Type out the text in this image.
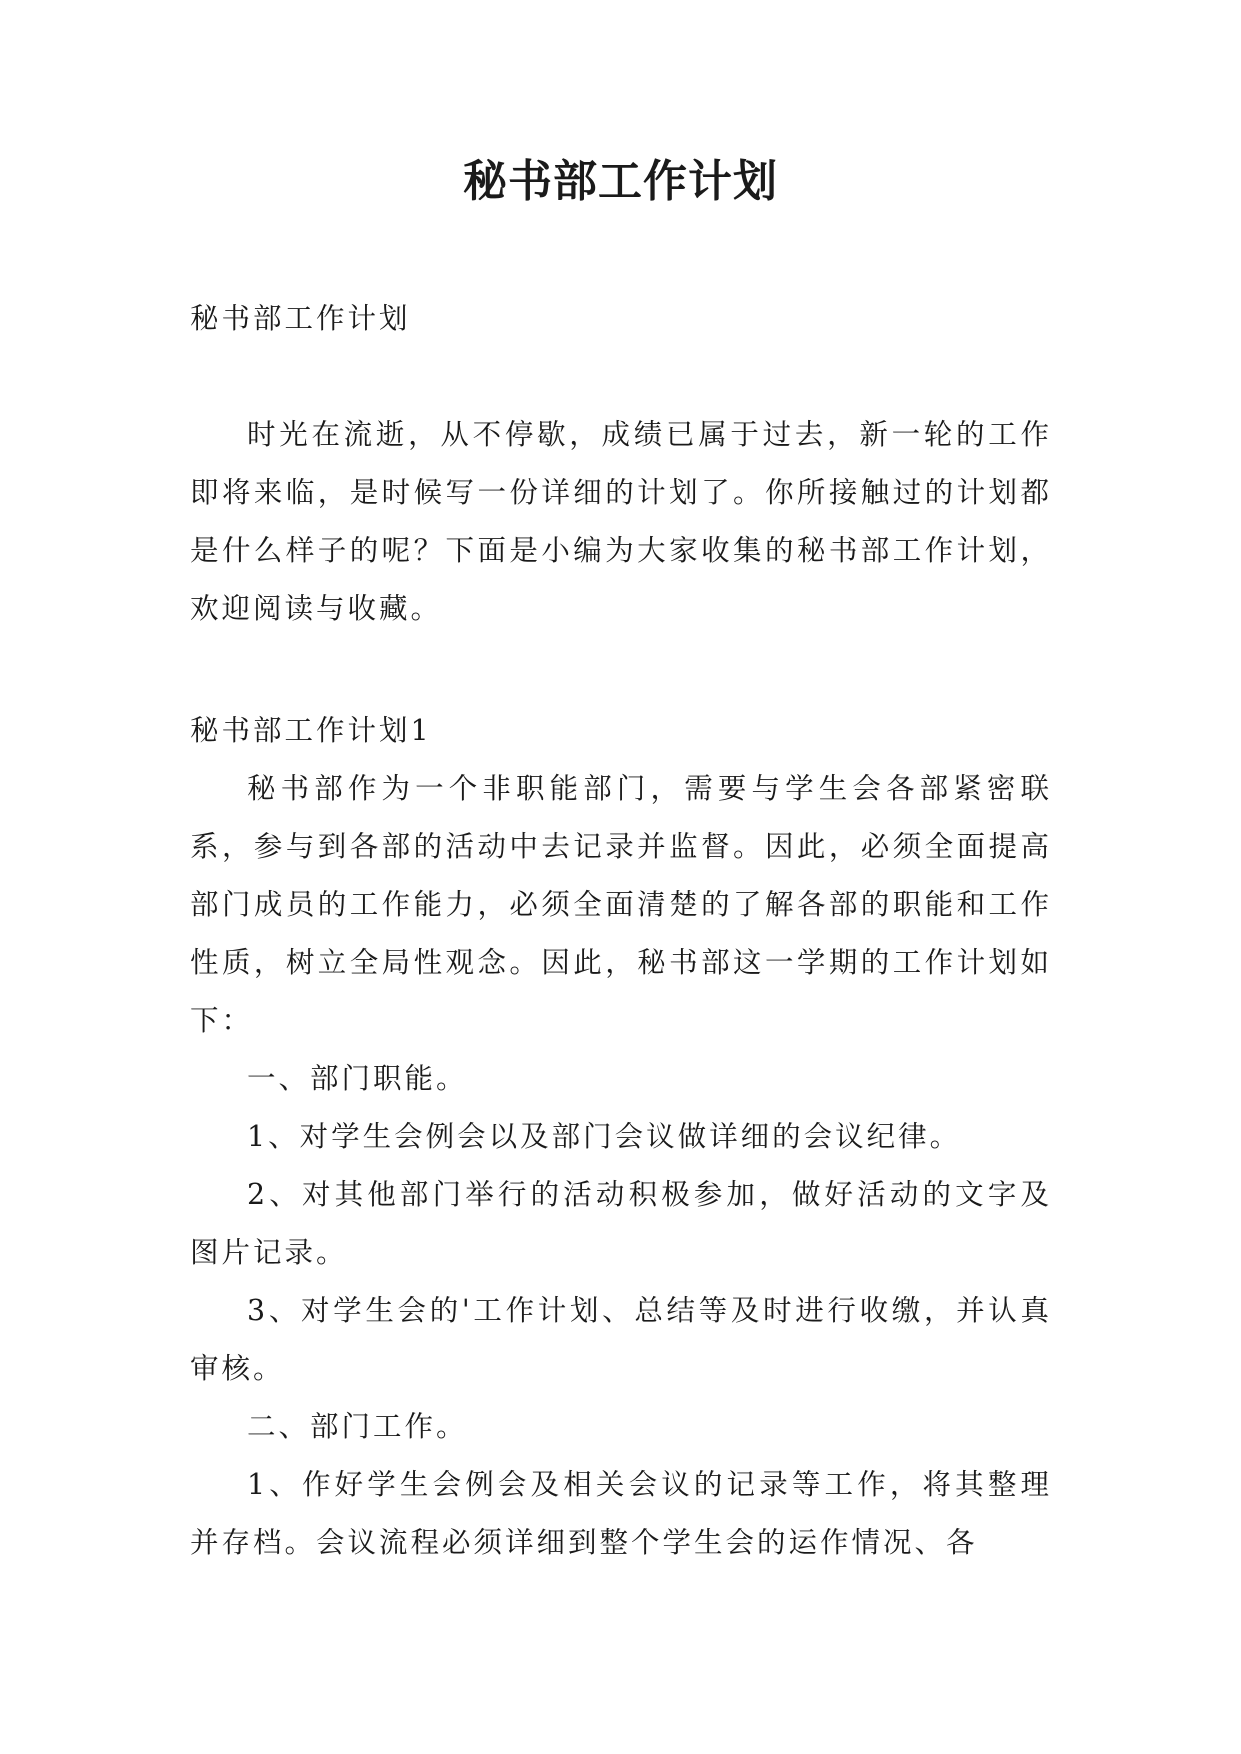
秘书部工作计划

秘书部工作计划

时光在流逝，从不停歇，成绩已属于过去，新一轮的工作即将来临，是时候写一份详细的计划了。你所接触过的计划都是什么样子的呢？下面是小编为大家收集的秘书部工作计划，欢迎阅读与收藏。

秘书部工作计划1

秘书部作为一个非职能部门，需要与学生会各部紧密联系，参与到各部的活动中去记录并监督。因此，必须全面提高部门成员的工作能力，必须全面清楚的了解各部的职能和工作性质，树立全局性观念。因此，秘书部这一学期的工作计划如下：

一、部门职能。

1、对学生会例会以及部门会议做详细的会议纪律。

2、对其他部门举行的活动积极参加，做好活动的文字及图片记录。

3、对学生会的'工作计划、总结等及时进行收缴，并认真审核。

二、部门工作。

1、作好学生会例会及相关会议的记录等工作，将其整理并存档。会议流程必须详细到整个学生会的运作情况、各
